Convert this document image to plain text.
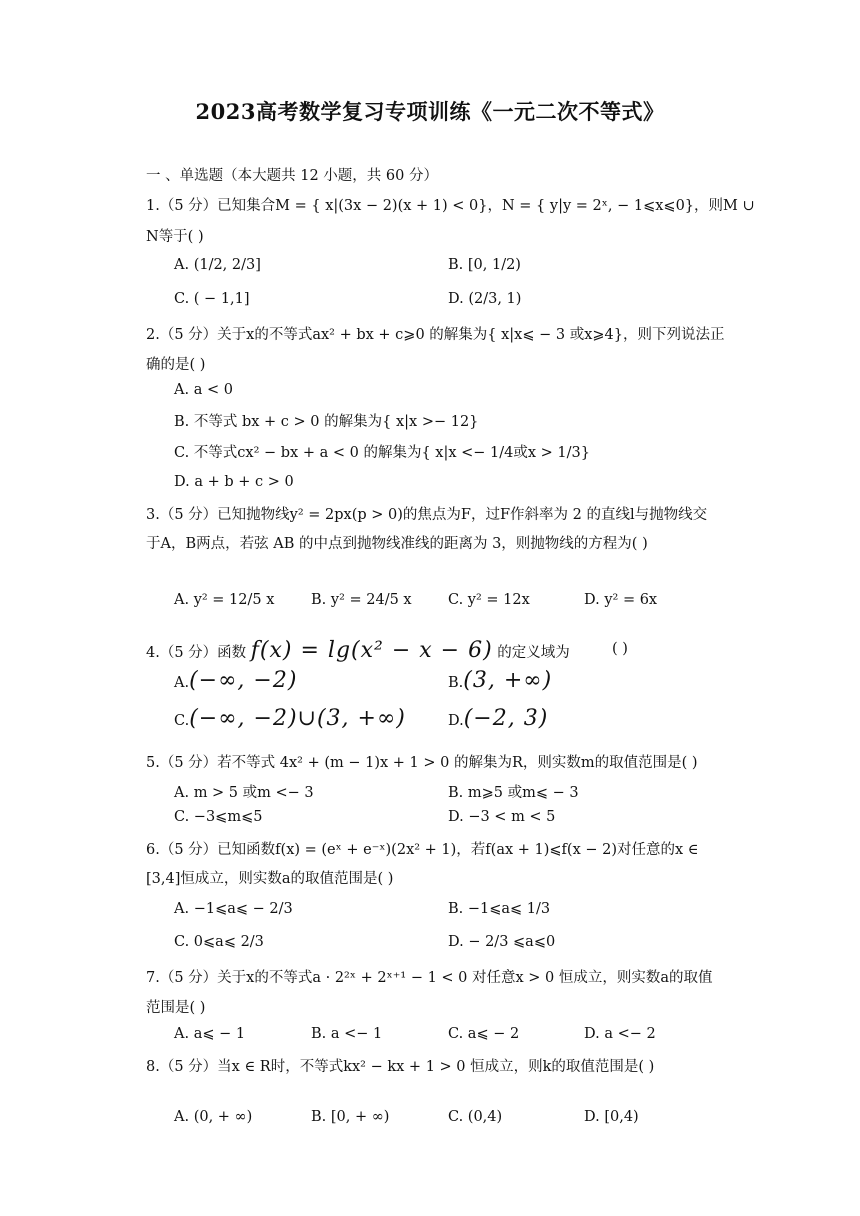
2023高考数学复习专项训练《一元二次不等式》
一 、单选题（本大题共 12 小题，共 60 分）
1.（5 分）已知集合M = { x|(3x − 2)(x + 1) < 0}，N = { y|y = 2ˣ, − 1⩽x⩽0}，则M ∪
N等于( )
A. (1/2, 2/3]	B. [0, 1/2)
C. ( − 1,1]	D. (2/3, 1)
2.（5 分）关于x的不等式ax² + bx + c⩾0 的解集为{ x|x⩽ − 3 或x⩾4}，则下列说法正
确的是( )
A. a < 0
B. 不等式 bx + c > 0 的解集为{ x|x >− 12}
C. 不等式cx² − bx + a < 0 的解集为{ x|x <− 1/4或x > 1/3}
D. a + b + c > 0
3.（5 分）已知抛物线y² = 2px(p > 0)的焦点为F，过F作斜率为 2 的直线l与抛物线交
于A，B两点，若弦 AB 的中点到抛物线准线的距离为 3，则抛物线的方程为( )
A. y² = 12/5 x	B. y² = 24/5 x	C. y² = 12x	D. y² = 6x
4.（5 分）函数 f(x) = lg(x² − x − 6) 的定义域为	( )
A.(−∞, −2)	B.(3, +∞)
C.(−∞, −2)∪(3, +∞)	D.(−2, 3)
5.（5 分）若不等式 4x² + (m − 1)x + 1 > 0 的解集为R，则实数m的取值范围是( )
A. m > 5 或m <− 3	B. m⩾5 或m⩽ − 3
C. −3⩽m⩽5	D. −3 < m < 5
6.（5 分）已知函数f(x) = (eˣ + e⁻ˣ)(2x² + 1)，若f(ax + 1)⩽f(x − 2)对任意的x ∈
[3,4]恒成立，则实数a的取值范围是( )
A. −1⩽a⩽ − 2/3	B. −1⩽a⩽ 1/3
C. 0⩽a⩽ 2/3	D. − 2/3 ⩽a⩽0
7.（5 分）关于x的不等式a · 2²ˣ + 2ˣ⁺¹ − 1 < 0 对任意x > 0 恒成立，则实数a的取值
范围是( )
A. a⩽ − 1	B. a <− 1	C. a⩽ − 2	D. a <− 2
8.（5 分）当x ∈ R时，不等式kx² − kx + 1 > 0 恒成立，则k的取值范围是( )
A. (0, + ∞)	B. [0, + ∞)	C. (0,4)	D. [0,4)
